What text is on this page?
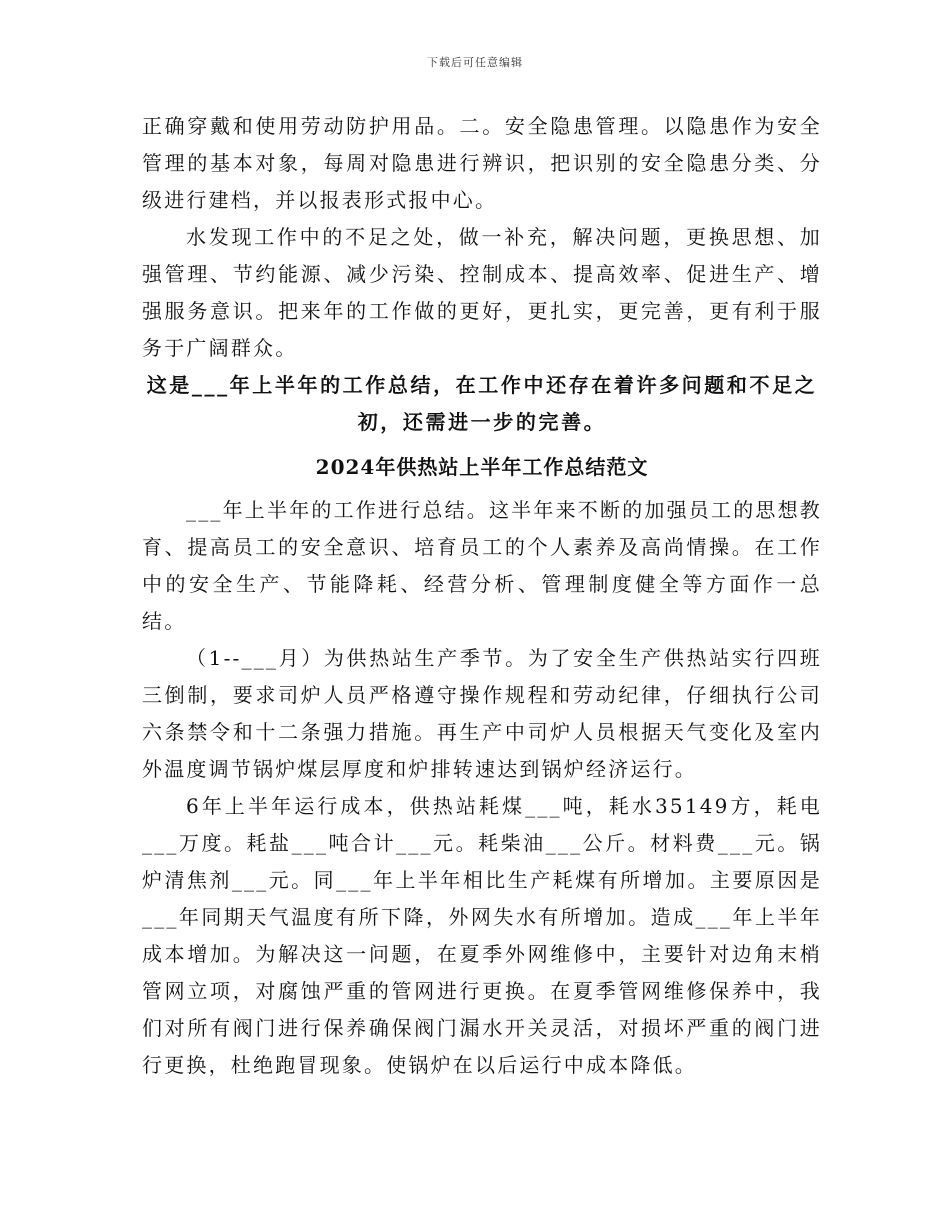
下载后可任意编辑

正确穿戴和使用劳动防护用品。二。安全隐患管理。以隐患作为安全管理的基本对象，每周对隐患进行辨识，把识别的安全隐患分类、分级进行建档，并以报表形式报中心。

水发现工作中的不足之处，做一补充，解决问题，更换思想、加强管理、节约能源、减少污染、控制成本、提高效率、促进生产、增强服务意识。把来年的工作做的更好，更扎实，更完善，更有利于服务于广阔群众。

这是___年上半年的工作总结，在工作中还存在着许多问题和不足之初，还需进一步的完善。

2024年供热站上半年工作总结范文

___年上半年的工作进行总结。这半年来不断的加强员工的思想教育、提高员工的安全意识、培育员工的个人素养及高尚情操。在工作中的安全生产、节能降耗、经营分析、管理制度健全等方面作一总结。

（1--___月）为供热站生产季节。为了安全生产供热站实行四班三倒制，要求司炉人员严格遵守操作规程和劳动纪律，仔细执行公司六条禁令和十二条强力措施。再生产中司炉人员根据天气变化及室内外温度调节锅炉煤层厚度和炉排转速达到锅炉经济运行。

6年上半年运行成本，供热站耗煤___吨，耗水35149方，耗电___万度。耗盐___吨合计___元。耗柴油___公斤。材料费___元。锅炉清焦剂___元。同___年上半年相比生产耗煤有所增加。主要原因是___年同期天气温度有所下降，外网失水有所增加。造成___年上半年成本增加。为解决这一问题，在夏季外网维修中，主要针对边角末梢管网立项，对腐蚀严重的管网进行更换。在夏季管网维修保养中，我们对所有阀门进行保养确保阀门漏水开关灵活，对损坏严重的阀门进行更换，杜绝跑冒现象。使锅炉在以后运行中成本降低。
